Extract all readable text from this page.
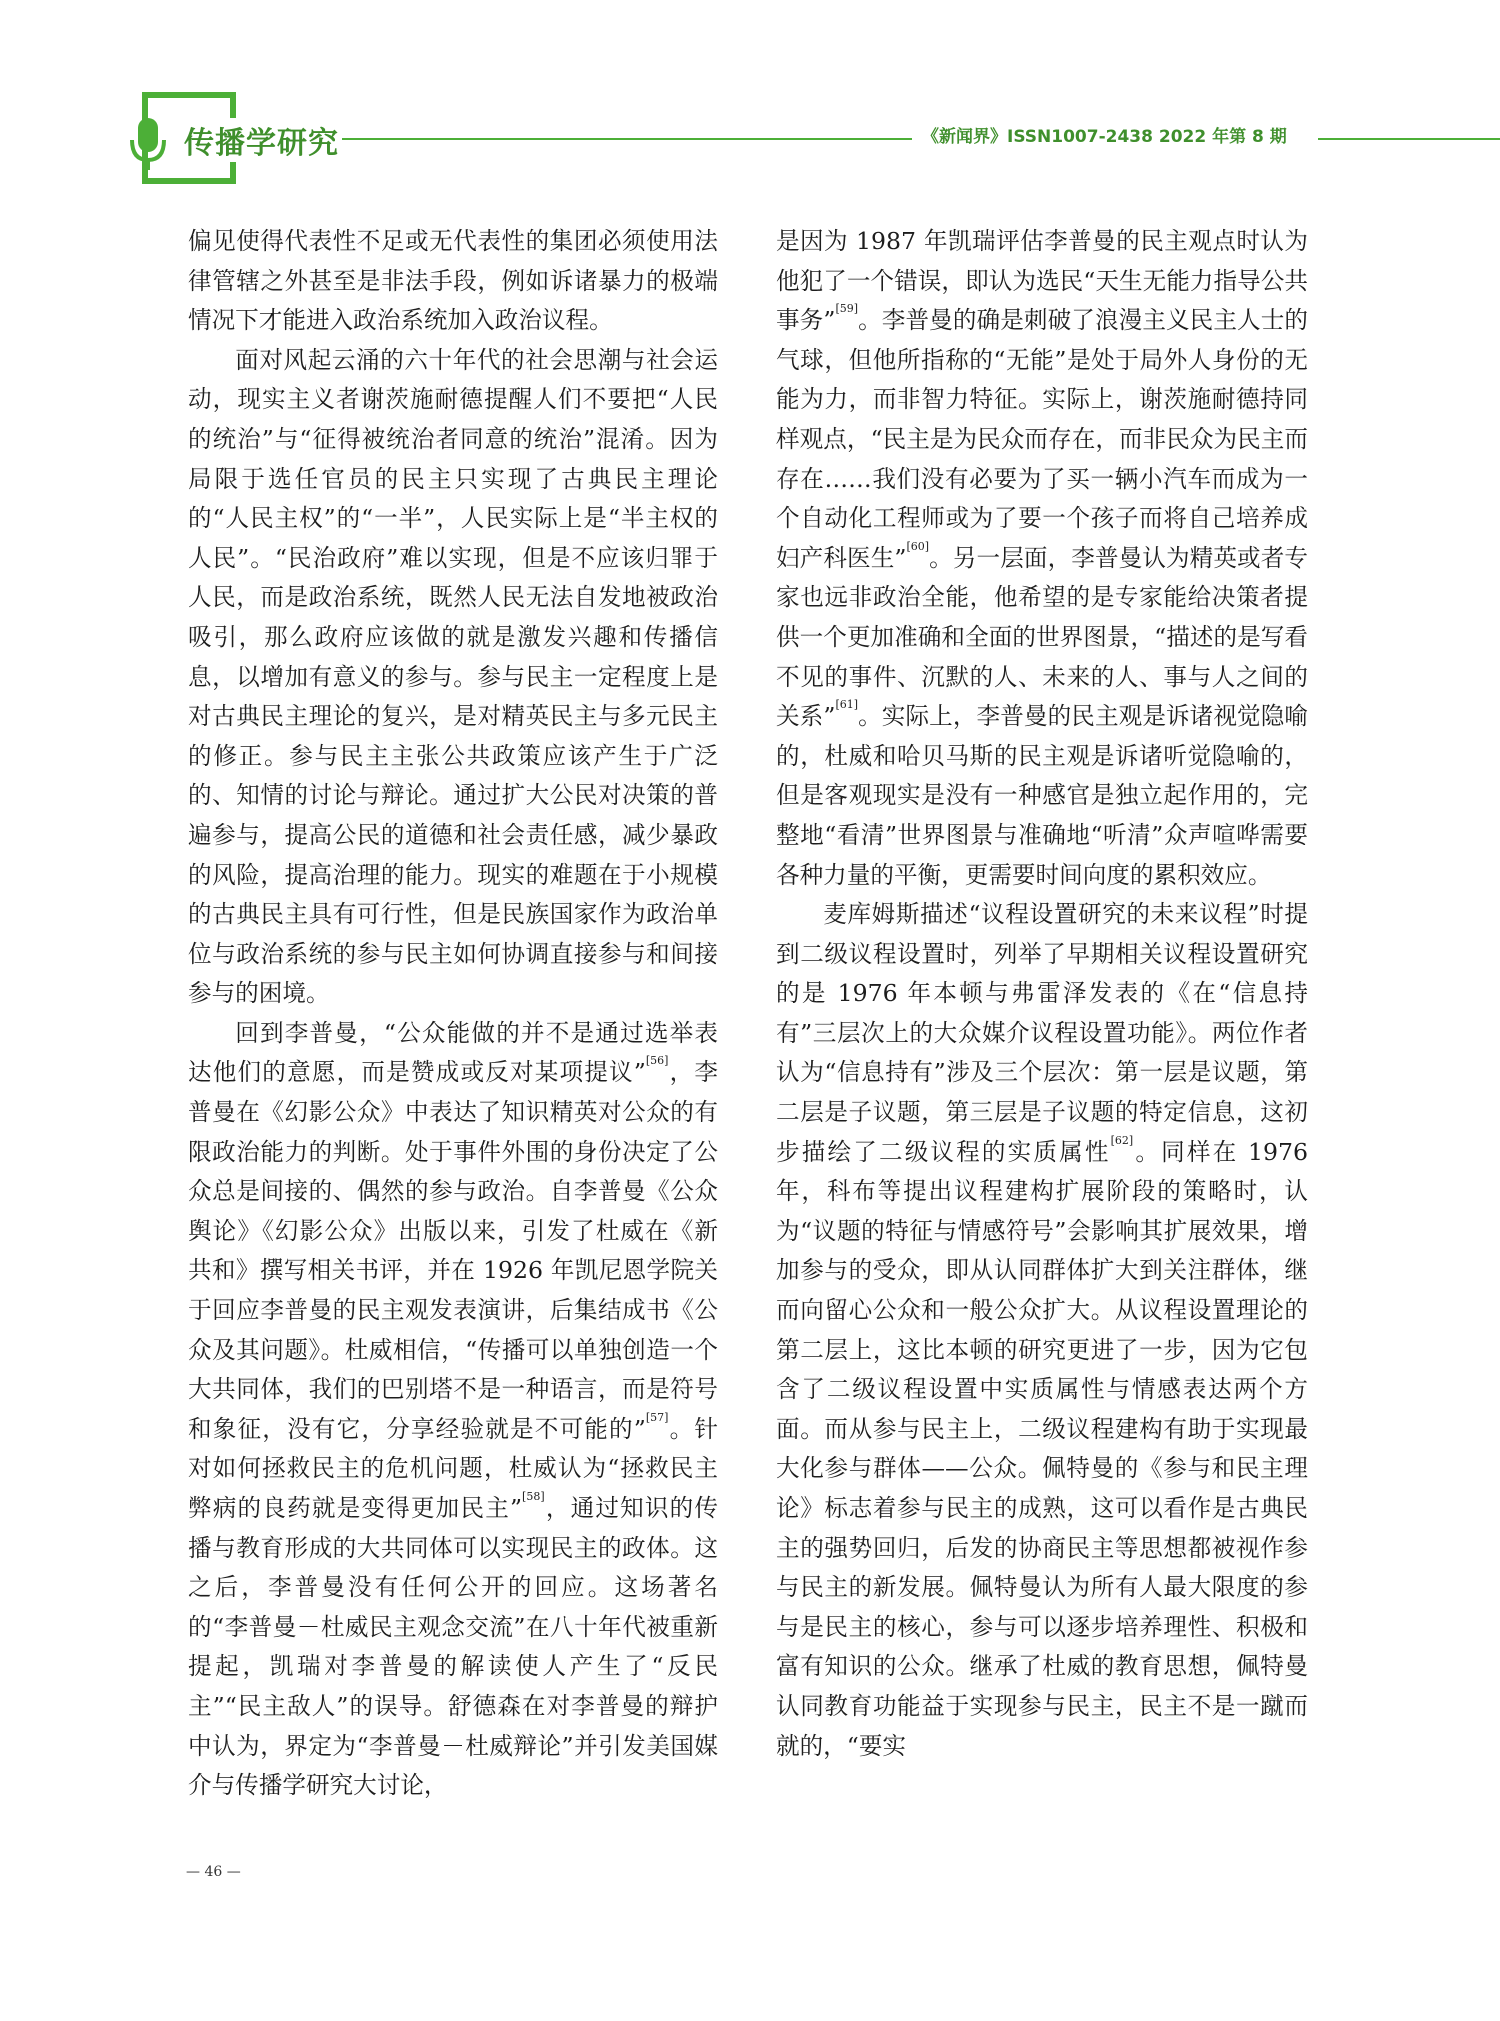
传播学研究	《新闻界》ISSN1007-2438 2022 年第 8 期

偏见使得代表性不足或无代表性的集团必须使用法律管辖之外甚至是非法手段，例如诉诸暴力的极端情况下才能进入政治系统加入政治议程。

面对风起云涌的六十年代的社会思潮与社会运动，现实主义者谢茨施耐德提醒人们不要把“人民的统治”与“征得被统治者同意的统治”混淆。因为局限于选任官员的民主只实现了古典民主理论的“人民主权”的“一半”，人民实际上是“半主权的人民”。“民治政府”难以实现，但是不应该归罪于人民，而是政治系统，既然人民无法自发地被政治吸引，那么政府应该做的就是激发兴趣和传播信息，以增加有意义的参与。参与民主一定程度上是对古典民主理论的复兴，是对精英民主与多元民主的修正。参与民主主张公共政策应该产生于广泛的、知情的讨论与辩论。通过扩大公民对决策的普遍参与，提高公民的道德和社会责任感，减少暴政的风险，提高治理的能力。现实的难题在于小规模的古典民主具有可行性，但是民族国家作为政治单位与政治系统的参与民主如何协调直接参与和间接参与的困境。

回到李普曼，“公众能做的并不是通过选举表达他们的意愿，而是赞成或反对某项提议”[56]，李普曼在《幻影公众》中表达了知识精英对公众的有限政治能力的判断。处于事件外围的身份决定了公众总是间接的、偶然的参与政治。自李普曼《公众舆论》《幻影公众》出版以来，引发了杜威在《新共和》撰写相关书评，并在 1926 年凯尼恩学院关于回应李普曼的民主观发表演讲，后集结成书《公众及其问题》。杜威相信，“传播可以单独创造一个大共同体，我们的巴别塔不是一种语言，而是符号和象征，没有它，分享经验就是不可能的”[57]。针对如何拯救民主的危机问题，杜威认为“拯救民主弊病的良药就是变得更加民主”[58]，通过知识的传播与教育形成的大共同体可以实现民主的政体。这之后，李普曼没有任何公开的回应。这场著名的“李普曼－杜威民主观念交流”在八十年代被重新提起，凯瑞对李普曼的解读使人产生了“反民主”“民主敌人”的误导。舒德森在对李普曼的辩护中认为，界定为“李普曼－杜威辩论”并引发美国媒介与传播学研究大讨论，

是因为 1987 年凯瑞评估李普曼的民主观点时认为他犯了一个错误，即认为选民“天生无能力指导公共事务”[59]。李普曼的确是刺破了浪漫主义民主人士的气球，但他所指称的“无能”是处于局外人身份的无能为力，而非智力特征。实际上，谢茨施耐德持同样观点，“民主是为民众而存在，而非民众为民主而存在……我们没有必要为了买一辆小汽车而成为一个自动化工程师或为了要一个孩子而将自己培养成妇产科医生”[60]。另一层面，李普曼认为精英或者专家也远非政治全能，他希望的是专家能给决策者提供一个更加准确和全面的世界图景，“描述的是写看不见的事件、沉默的人、未来的人、事与人之间的关系”[61]。实际上，李普曼的民主观是诉诸视觉隐喻的，杜威和哈贝马斯的民主观是诉诸听觉隐喻的，但是客观现实是没有一种感官是独立起作用的，完整地“看清”世界图景与准确地“听清”众声喧哗需要各种力量的平衡，更需要时间向度的累积效应。

麦库姆斯描述“议程设置研究的未来议程”时提到二级议程设置时，列举了早期相关议程设置研究的是 1976 年本顿与弗雷泽发表的《在“信息持有”三层次上的大众媒介议程设置功能》。两位作者认为“信息持有”涉及三个层次：第一层是议题，第二层是子议题，第三层是子议题的特定信息，这初步描绘了二级议程的实质属性[62]。同样在 1976 年，科布等提出议程建构扩展阶段的策略时，认为“议题的特征与情感符号”会影响其扩展效果，增加参与的受众，即从认同群体扩大到关注群体，继而向留心公众和一般公众扩大。从议程设置理论的第二层上，这比本顿的研究更进了一步，因为它包含了二级议程设置中实质属性与情感表达两个方面。而从参与民主上，二级议程建构有助于实现最大化参与群体——公众。佩特曼的《参与和民主理论》标志着参与民主的成熟，这可以看作是古典民主的强势回归，后发的协商民主等思想都被视作参与民主的新发展。佩特曼认为所有人最大限度的参与是民主的核心，参与可以逐步培养理性、积极和富有知识的公众。继承了杜威的教育思想，佩特曼认同教育功能益于实现参与民主，民主不是一蹴而就的，“要实

— 46 —
